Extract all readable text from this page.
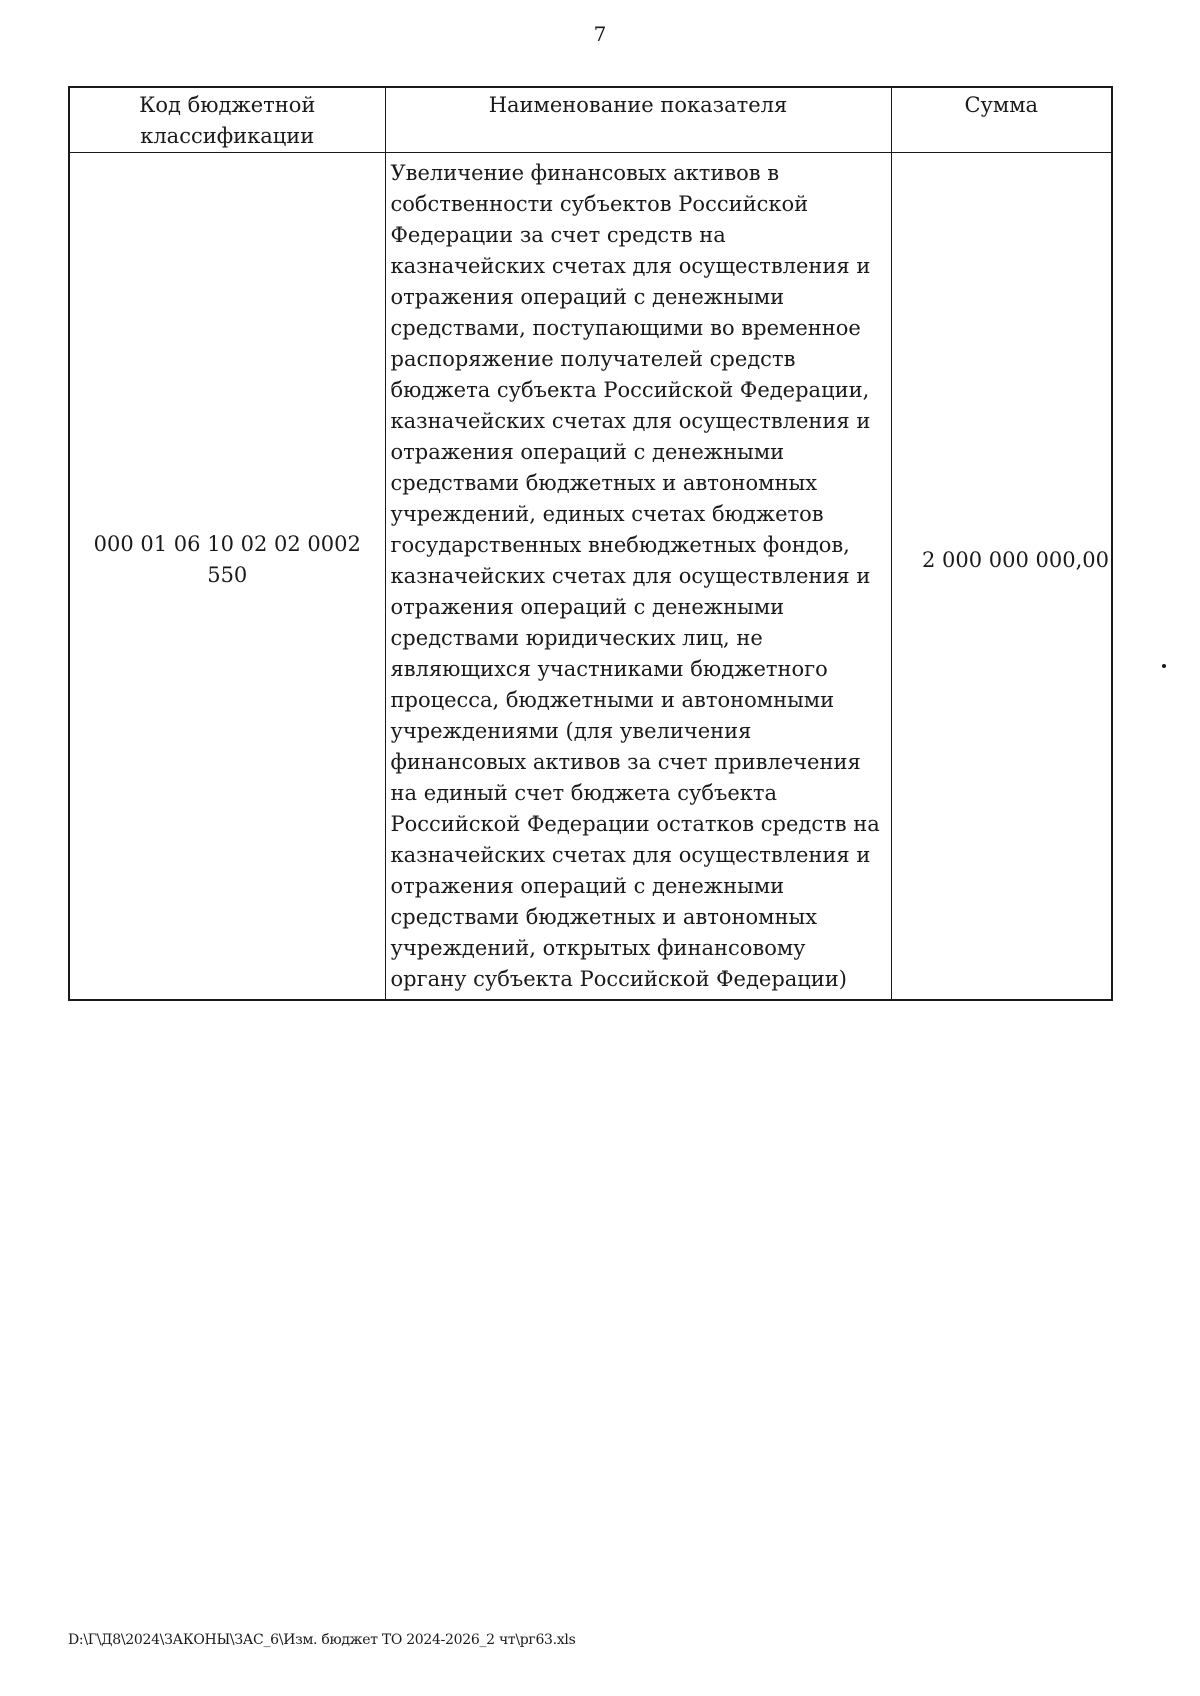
7
Код бюджетной классификации	Наименование показателя	Сумма
000 01 06 10 02 02 0002 550	Увеличение финансовых активов в собственности субъектов Российской Федерации за счет средств на казначейских счетах для осуществления и отражения операций с денежными средствами, поступающими во временное распоряжение получателей средств бюджета субъекта Российской Федерации, казначейских счетах для осуществления и отражения операций с денежными средствами бюджетных и автономных учреждений, единых счетах бюджетов государственных внебюджетных фондов, казначейских счетах для осуществления и отражения операций с денежными средствами юридических лиц, не являющихся участниками бюджетного процесса, бюджетными и автономными учреждениями (для увеличения финансовых активов за счет привлечения на единый счет бюджета субъекта Российской Федерации остатков средств на казначейских счетах для осуществления и отражения операций с денежными средствами бюджетных и автономных учреждений, открытых финансовому органу субъекта Российской Федерации)	2 000 000 000,00
D:\Г\Д8\2024\ЗАКОНЫ\ЗАС_6\Изм. бюджет ТО 2024-2026_2 чт\рг63.xls
